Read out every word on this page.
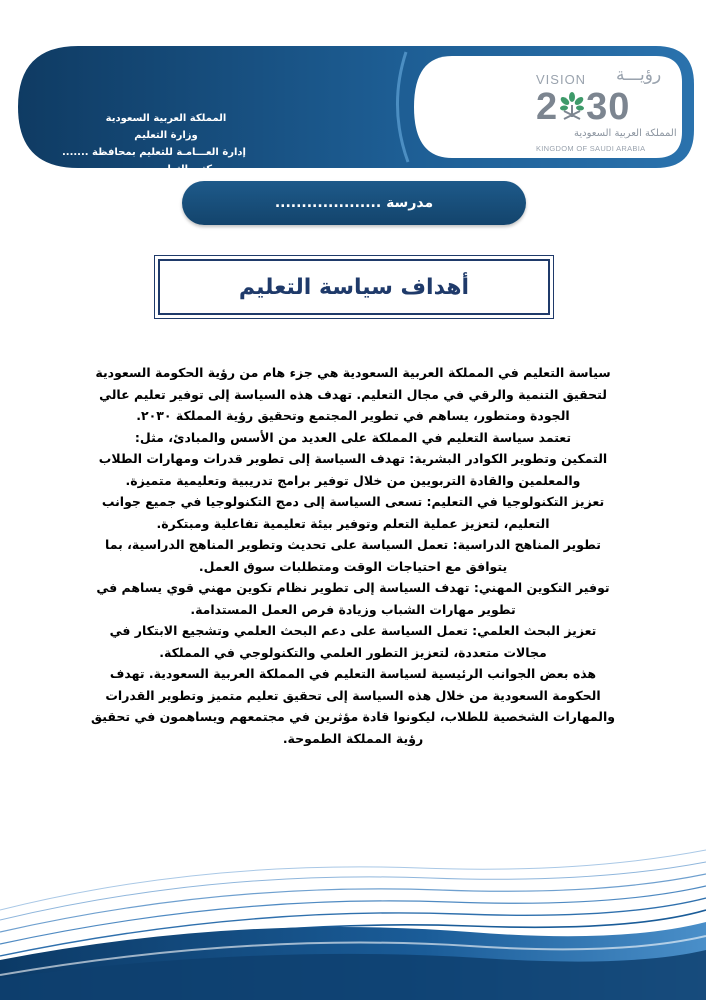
المملكة العربية السعودية
وزارة التعليم
إدارة العـــامـة للتعليم بمحافظة .......
مكتب التعليم ..........
VISION رؤيـــة
2 30
المملكة العربية السعودية
KINGDOM OF SAUDI ARABIA
مدرسة ....................
أهداف سياسة التعليم

سياسة التعليم في المملكة العربية السعودية هي جزء هام من رؤية الحكومة السعودية لتحقيق التنمية والرقي في مجال التعليم. تهدف هذه السياسة إلى توفير تعليم عالي الجودة ومتطور، يساهم في تطوير المجتمع وتحقيق رؤية المملكة ٢٠٣٠.

تعتمد سياسة التعليم في المملكة على العديد من الأسس والمبادئ، مثل:

التمكين وتطوير الكوادر البشرية: تهدف السياسة إلى تطوير قدرات ومهارات الطلاب والمعلمين والقادة التربويين من خلال توفير برامج تدريبية وتعليمية متميزة.

تعزيز التكنولوجيا في التعليم: تسعى السياسة إلى دمج التكنولوجيا في جميع جوانب التعليم، لتعزيز عملية التعلم وتوفير بيئة تعليمية تفاعلية ومبتكرة.

تطوير المناهج الدراسية: تعمل السياسة على تحديث وتطوير المناهج الدراسية، بما يتوافق مع احتياجات الوقت ومتطلبات سوق العمل.

توفير التكوين المهني: تهدف السياسة إلى تطوير نظام تكوين مهني قوي يساهم في تطوير مهارات الشباب وزيادة فرص العمل المستدامة.

تعزيز البحث العلمي: تعمل السياسة على دعم البحث العلمي وتشجيع الابتكار في مجالات متعددة، لتعزيز التطور العلمي والتكنولوجي في المملكة.

هذه بعض الجوانب الرئيسية لسياسة التعليم في المملكة العربية السعودية. تهدف الحكومة السعودية من خلال هذه السياسة إلى تحقيق تعليم متميز وتطوير القدرات والمهارات الشخصية للطلاب، ليكونوا قادة مؤثرين في مجتمعهم ويساهمون في تحقيق رؤية المملكة الطموحة.
